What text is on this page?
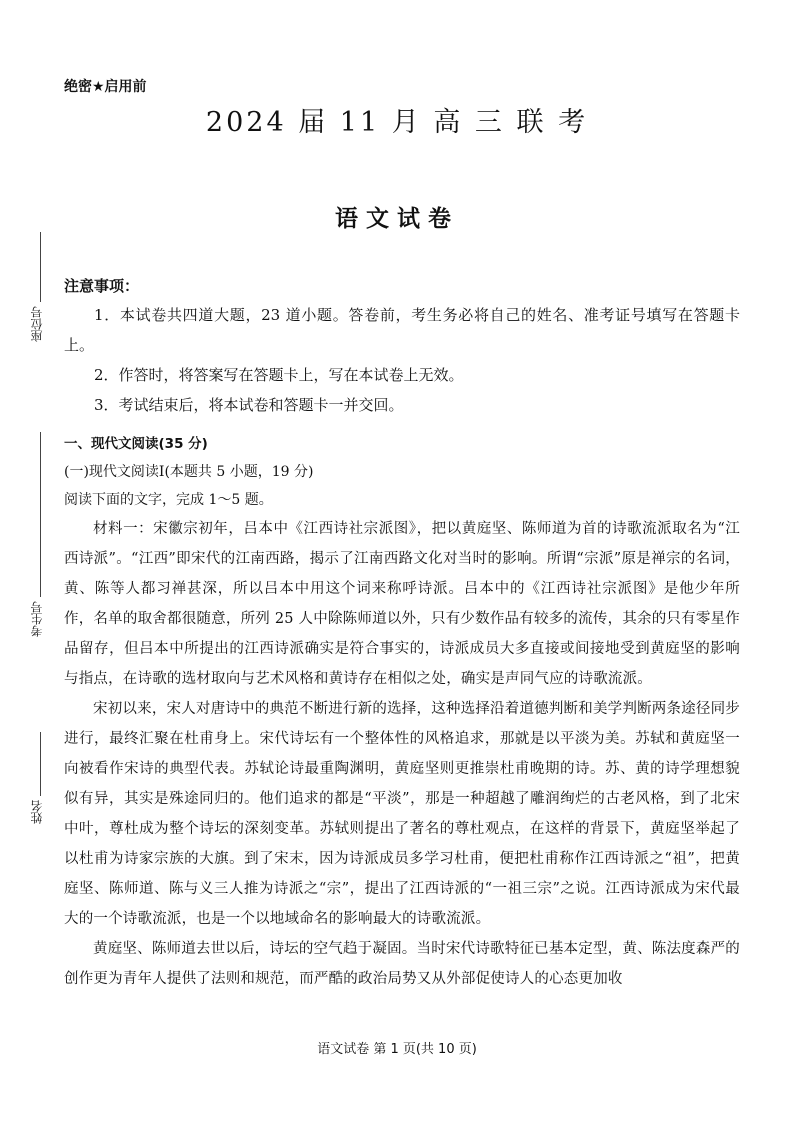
绝密★启用前
2024 届 11 月 高 三 联 考
语文试卷
座位号
考生号
姓名
注意事项：

1．本试卷共四道大题，23 道小题。答卷前，考生务必将自己的姓名、准考证号填写在答题卡上。

2．作答时，将答案写在答题卡上，写在本试卷上无效。

3．考试结束后，将本试卷和答题卡一并交回。

一、现代文阅读(35 分)
(一)现代文阅读Ⅰ(本题共 5 小题，19 分)
阅读下面的文字，完成 1～5 题。

材料一：宋徽宗初年，吕本中《江西诗社宗派图》，把以黄庭坚、陈师道为首的诗歌流派取名为“江西诗派”。“江西”即宋代的江南西路，揭示了江南西路文化对当时的影响。所谓“宗派”原是禅宗的名词，黄、陈等人都习禅甚深，所以吕本中用这个词来称呼诗派。吕本中的《江西诗社宗派图》是他少年所作，名单的取舍都很随意，所列 25 人中除陈师道以外，只有少数作品有较多的流传，其余的只有零星作品留存，但吕本中所提出的江西诗派确实是符合事实的，诗派成员大多直接或间接地受到黄庭坚的影响与指点，在诗歌的选材取向与艺术风格和黄诗存在相似之处，确实是声同气应的诗歌流派。

宋初以来，宋人对唐诗中的典范不断进行新的选择，这种选择沿着道德判断和美学判断两条途径同步进行，最终汇聚在杜甫身上。宋代诗坛有一个整体性的风格追求，那就是以平淡为美。苏轼和黄庭坚一向被看作宋诗的典型代表。苏轼论诗最重陶渊明，黄庭坚则更推崇杜甫晚期的诗。苏、黄的诗学理想貌似有异，其实是殊途同归的。他们追求的都是“平淡”，那是一种超越了雕润绚烂的古老风格，到了北宋中叶，尊杜成为整个诗坛的深刻变革。苏轼则提出了著名的尊杜观点，在这样的背景下，黄庭坚举起了以杜甫为诗家宗族的大旗。到了宋末，因为诗派成员多学习杜甫，便把杜甫称作江西诗派之“祖”，把黄庭坚、陈师道、陈与义三人推为诗派之“宗”，提出了江西诗派的“一祖三宗”之说。江西诗派成为宋代最大的一个诗歌流派，也是一个以地域命名的影响最大的诗歌流派。

黄庭坚、陈师道去世以后，诗坛的空气趋于凝固。当时宋代诗歌特征已基本定型，黄、陈法度森严的创作更为青年人提供了法则和规范，而严酷的政治局势又从外部促使诗人的心态更加收

语文试卷 第 1 页(共 10 页)
